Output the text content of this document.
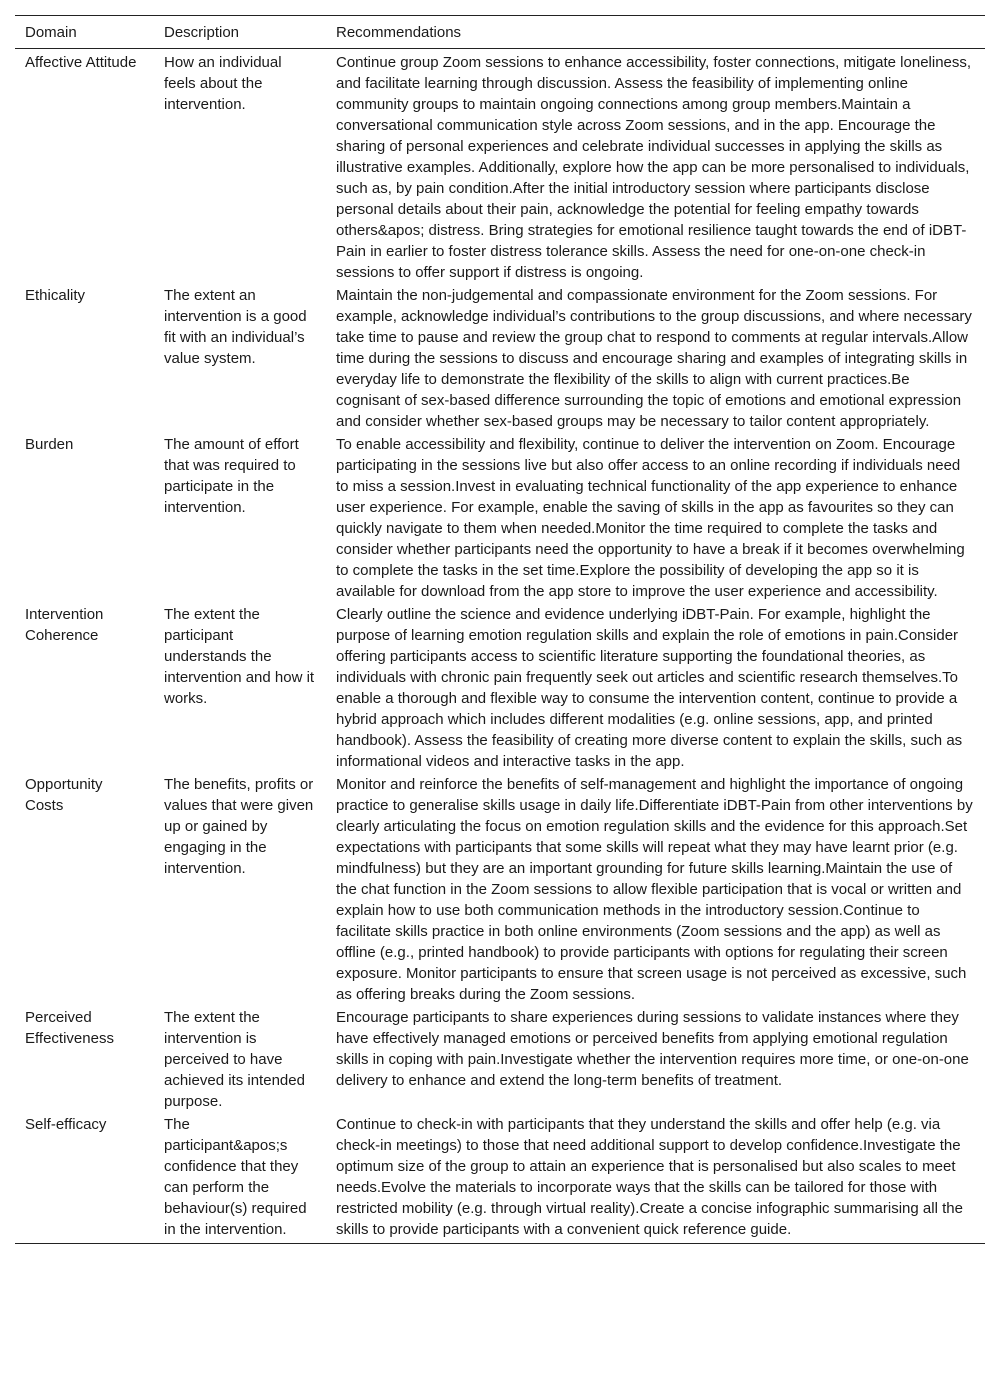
Domain	Description	Recommendations
Affective Attitude	How an individual feels about the intervention.	Continue group Zoom sessions to enhance accessibility, foster connections, mitigate loneliness, and facilitate learning through discussion. Assess the feasibility of implementing online community groups to maintain ongoing connections among group members.Maintain a conversational communication style across Zoom sessions, and in the app. Encourage the sharing of personal experiences and celebrate individual successes in applying the skills as illustrative examples. Additionally, explore how the app can be more personalised to individuals, such as, by pain condition.After the initial introductory session where participants disclose personal details about their pain, acknowledge the potential for feeling empathy towards others&apos; distress. Bring strategies for emotional resilience taught towards the end of iDBT-Pain in earlier to foster distress tolerance skills. Assess the need for one-on-one check-in sessions to offer support if distress is ongoing.
Ethicality	The extent an intervention is a good fit with an individual’s value system.	Maintain the non-judgemental and compassionate environment for the Zoom sessions. For example, acknowledge individual’s contributions to the group discussions, and where necessary take time to pause and review the group chat to respond to comments at regular intervals.Allow time during the sessions to discuss and encourage sharing and examples of integrating skills in everyday life to demonstrate the flexibility of the skills to align with current practices.Be cognisant of sex-based difference surrounding the topic of emotions and emotional expression and consider whether sex-based groups may be necessary to tailor content appropriately.
Burden	The amount of effort that was required to participate in the intervention.	To enable accessibility and flexibility, continue to deliver the intervention on Zoom. Encourage participating in the sessions live but also offer access to an online recording if individuals need to miss a session.Invest in evaluating technical functionality of the app experience to enhance user experience. For example, enable the saving of skills in the app as favourites so they can quickly navigate to them when needed.Monitor the time required to complete the tasks and consider whether participants need the opportunity to have a break if it becomes overwhelming to complete the tasks in the set time.Explore the possibility of developing the app so it is available for download from the app store to improve the user experience and accessibility.
Intervention Coherence	The extent the participant understands the intervention and how it works.	Clearly outline the science and evidence underlying iDBT-Pain. For example, highlight the purpose of learning emotion regulation skills and explain the role of emotions in pain.Consider offering participants access to scientific literature supporting the foundational theories, as individuals with chronic pain frequently seek out articles and scientific research themselves.To enable a thorough and flexible way to consume the intervention content, continue to provide a hybrid approach which includes different modalities (e.g. online sessions, app, and printed handbook). Assess the feasibility of creating more diverse content to explain the skills, such as informational videos and interactive tasks in the app.
Opportunity Costs	The benefits, profits or values that were given up or gained by engaging in the intervention.	Monitor and reinforce the benefits of self-management and highlight the importance of ongoing practice to generalise skills usage in daily life.Differentiate iDBT-Pain from other interventions by clearly articulating the focus on emotion regulation skills and the evidence for this approach.Set expectations with participants that some skills will repeat what they may have learnt prior (e.g. mindfulness) but they are an important grounding for future skills learning.Maintain the use of the chat function in the Zoom sessions to allow flexible participation that is vocal or written and explain how to use both communication methods in the introductory session.Continue to facilitate skills practice in both online environments (Zoom sessions and the app) as well as offline (e.g., printed handbook) to provide participants with options for regulating their screen exposure. Monitor participants to ensure that screen usage is not perceived as excessive, such as offering breaks during the Zoom sessions.
Perceived Effectiveness	The extent the intervention is perceived to have achieved its intended purpose.	Encourage participants to share experiences during sessions to validate instances where they have effectively managed emotions or perceived benefits from applying emotional regulation skills in coping with pain.Investigate whether the intervention requires more time, or one-on-one delivery to enhance and extend the long-term benefits of treatment.
Self-efficacy	The participant&apos;s confidence that they can perform the behaviour(s) required in the intervention.	Continue to check-in with participants that they understand the skills and offer help (e.g. via check-in meetings) to those that need additional support to develop confidence.Investigate the optimum size of the group to attain an experience that is personalised but also scales to meet needs.Evolve the materials to incorporate ways that the skills can be tailored for those with restricted mobility (e.g. through virtual reality).Create a concise infographic summarising all the skills to provide participants with a convenient quick reference guide.
